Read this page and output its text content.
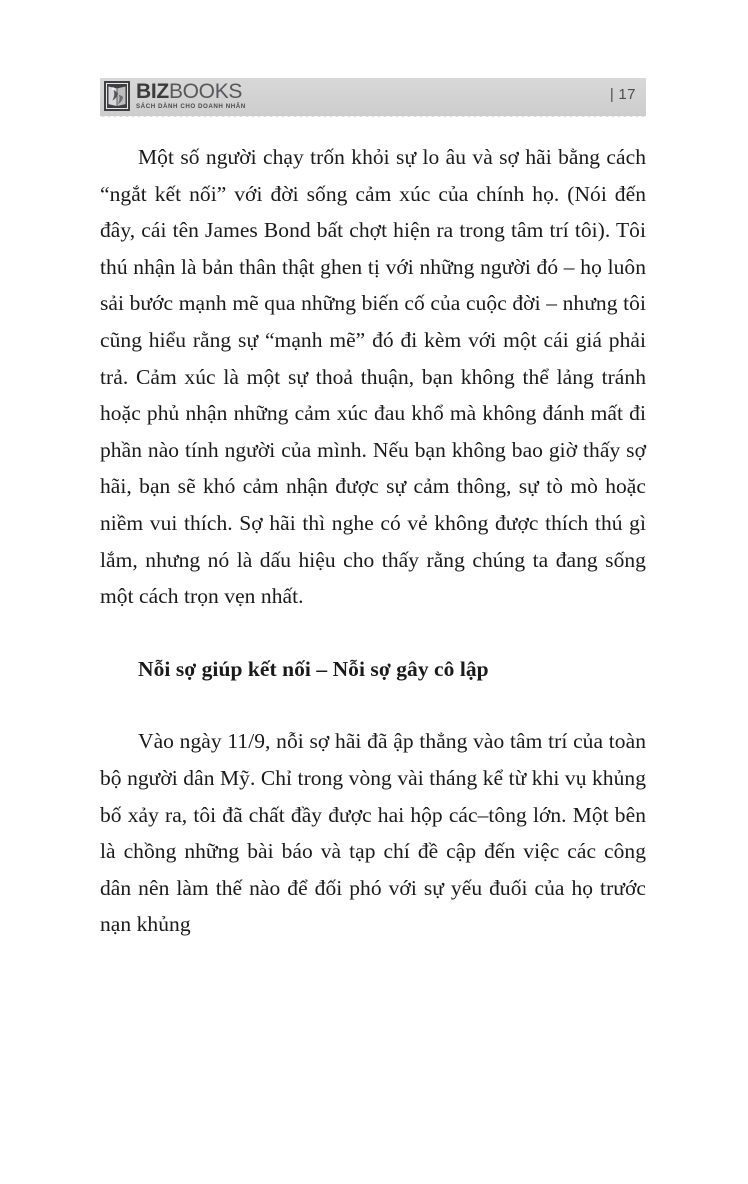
BIZBOOKS
SÁCH DÀNH CHO DOANH NHÂN
| 17

Một số người chạy trốn khỏi sự lo âu và sợ hãi bằng cách “ngắt kết nối” với đời sống cảm xúc của chính họ. (Nói đến đây, cái tên James Bond bất chợt hiện ra trong tâm trí tôi). Tôi thú nhận là bản thân thật ghen tị với những người đó – họ luôn sải bước mạnh mẽ qua những biến cố của cuộc đời – nhưng tôi cũng hiểu rằng sự “mạnh mẽ” đó đi kèm với một cái giá phải trả. Cảm xúc là một sự thoả thuận, bạn không thể lảng tránh hoặc phủ nhận những cảm xúc đau khổ mà không đánh mất đi phần nào tính người của mình. Nếu bạn không bao giờ thấy sợ hãi, bạn sẽ khó cảm nhận được sự cảm thông, sự tò mò hoặc niềm vui thích. Sợ hãi thì nghe có vẻ không được thích thú gì lắm, nhưng nó là dấu hiệu cho thấy rằng chúng ta đang sống một cách trọn vẹn nhất.

Nỗi sợ giúp kết nối – Nỗi sợ gây cô lập

Vào ngày 11/9, nỗi sợ hãi đã ập thẳng vào tâm trí của toàn bộ người dân Mỹ. Chỉ trong vòng vài tháng kể từ khi vụ khủng bố xảy ra, tôi đã chất đầy được hai hộp các–tông lớn. Một bên là chồng những bài báo và tạp chí đề cập đến việc các công dân nên làm thế nào để đối phó với sự yếu đuối của họ trước nạn khủng
